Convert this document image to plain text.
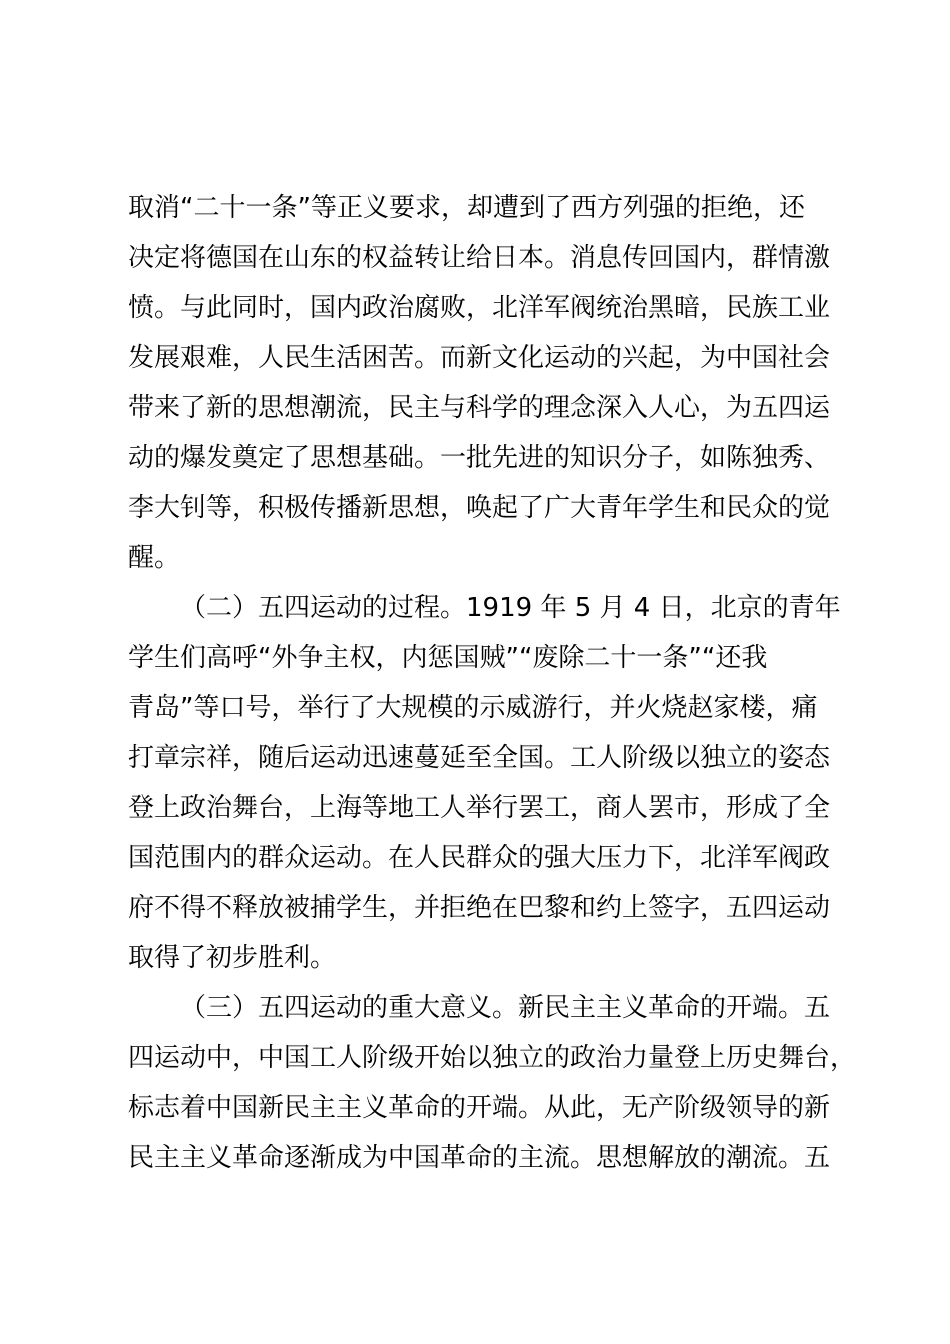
取消“二十一条”等正义要求，却遭到了西方列强的拒绝，还
决定将德国在山东的权益转让给日本。消息传回国内，群情激
愤。与此同时，国内政治腐败，北洋军阀统治黑暗，民族工业
发展艰难，人民生活困苦。而新文化运动的兴起，为中国社会
带来了新的思想潮流，民主与科学的理念深入人心，为五四运
动的爆发奠定了思想基础。一批先进的知识分子，如陈独秀、
李大钊等，积极传播新思想，唤起了广大青年学生和民众的觉
醒。
（二）五四运动的过程。1919 年 5 月 4 日，北京的青年
学生们高呼“外争主权，内惩国贼”“废除二十一条”“还我
青岛”等口号，举行了大规模的示威游行，并火烧赵家楼，痛
打章宗祥，随后运动迅速蔓延至全国。工人阶级以独立的姿态
登上政治舞台，上海等地工人举行罢工，商人罢市，形成了全
国范围内的群众运动。在人民群众的强大压力下，北洋军阀政
府不得不释放被捕学生，并拒绝在巴黎和约上签字，五四运动
取得了初步胜利。
（三）五四运动的重大意义。新民主主义革命的开端。五
四运动中，中国工人阶级开始以独立的政治力量登上历史舞台，
标志着中国新民主主义革命的开端。从此，无产阶级领导的新
民主主义革命逐渐成为中国革命的主流。思想解放的潮流。五
